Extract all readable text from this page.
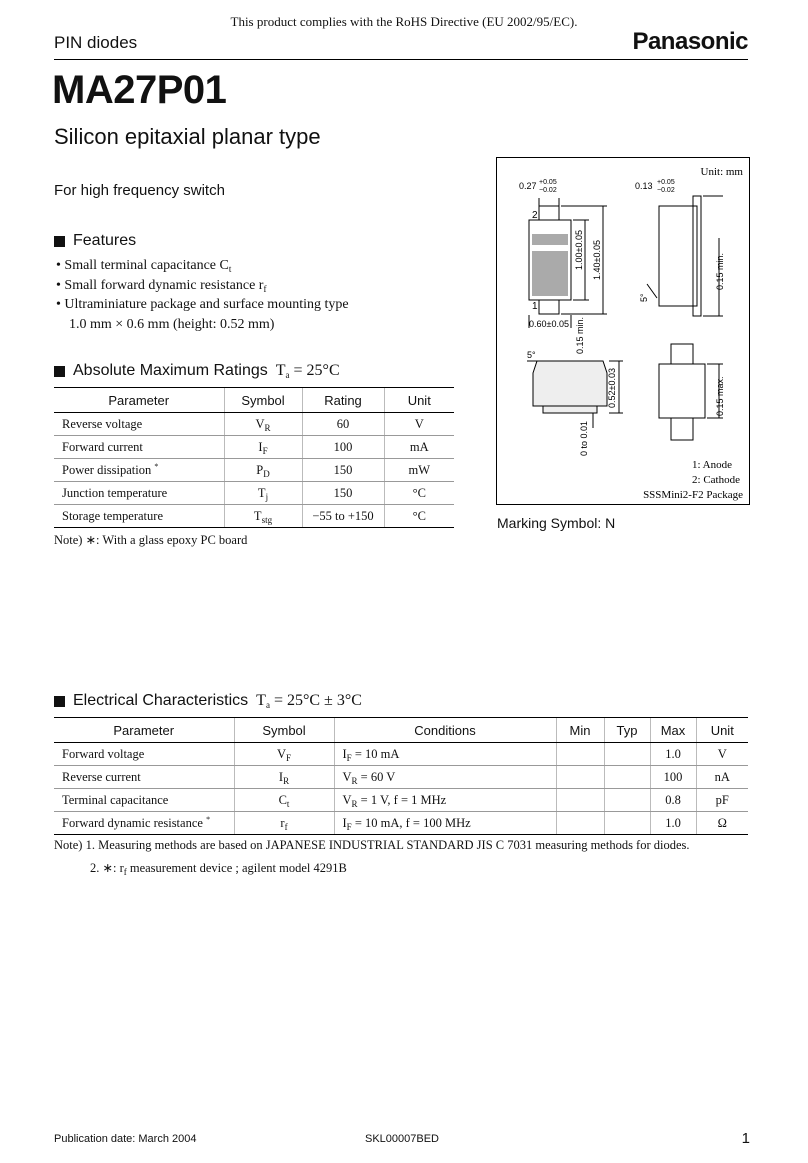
This product complies with the RoHS Directive (EU 2002/95/EC).
PIN diodes	Panasonic
MA27P01
Silicon epitaxial planar type
For high frequency switch
Features
• Small terminal capacitance $C_t$
• Small forward dynamic resistance $r_f$
• Ultraminiature package and surface mounting type
1.0 mm × 0.6 mm (height: 0.52 mm)
Absolute Maximum Ratings $T_a = 25^\circ C$
Parameter	Symbol	Rating	Unit
Reverse voltage	$V_R$	60	V
Forward current	$I_F$	100	mA
Power dissipation *	$P_D$	150	mW
Junction temperature	$T_j$	150	°C
Storage temperature	$T_{stg}$	−55 to +150	°C
Note) ∗: With a glass epoxy PC board
Unit: mm
0.27 +0.05
−0.02
2
1
0.60±0.05
1.00±0.05 1.40±0.05
0.15 min.
0.13 +0.05
−0.02
5°
0.15 min.
5°
0.52±0.03
0 to 0.01
0.15 max.
1: Anode
2: Cathode
SSSMini2-F2 Package
Marking Symbol: N
Electrical Characteristics $T_a = 25^\circ C \pm 3^\circ C$
Parameter	Symbol	Conditions	Min	Typ	Max	Unit
Forward voltage	$V_F$	$I_F = 10$ mA			1.0	V
Reverse current	$I_R$	$V_R = 60$ V			100	nA
Terminal capacitance	$C_t$	$V_R = 1$ V, f = 1 MHz			0.8	pF
Forward dynamic resistance *	$r_f$	$I_F = 10$ mA, f = 100 MHz			1.0	Ω
Note) 1. Measuring methods are based on JAPANESE INDUSTRIAL STANDARD JIS C 7031 measuring methods for diodes.
2. ∗: $r_f$ measurement device ; agilent model 4291B
Publication date: March 2004	SKL00007BED	1
